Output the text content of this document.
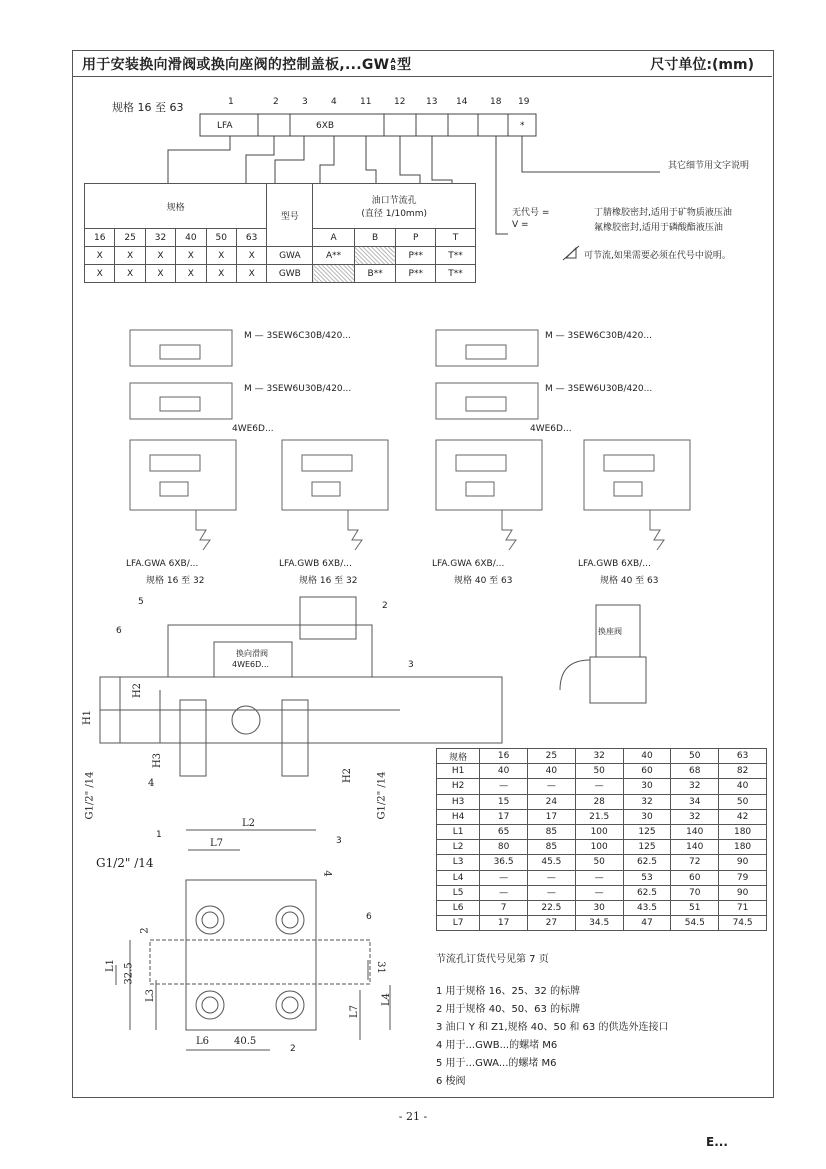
用于安装换向滑阀或换向座阀的控制盖板,...GWA
B型	尺寸单位:(mm)
规格 16 至 63	1	2	3	4	11	12 13 14	18 19
LFA	6XB	*
其它细节用文字说明
无代号 =	丁腈橡胶密封,适用于矿物质液压油
V =	氟橡胶密封,适用于磷酸酯液压油
可节流,如果需要必须在代号中说明。
规格						型号	油口节流孔
(直径 1/10mm)			
16	25	32	40	50	63		A	B	P	T
X	X	X	X	X	X	GWA	A**		P**	T**
X	X	X	X	X	X	GWB		B**	P**	T**
M — 3SEW6C30B/420...
M — 3SEW6U30B/420...
M — 3SEW6C30B/420...
M — 3SEW6U30B/420...
4WE6D...	4WE6D...
LFA.GWA 6XB/...
规格 16 至 32
LFA.GWB 6XB/...
规格 16 至 32
LFA.GWA 6XB/...
规格 40 至 63
LFA.GWB 6XB/...
规格 40 至 63
换向滑阀
4WE6D...
换座阀
H1
H2
H3
H2
4
G1/2" /14	G1/2" /14
G1/2" /14
L2
L7
L1 32.5
L3
L6 40.5
31
L4
L7
2
4
5
6
2
3
1
3
2
6
规格	16	25	32	40	50	63
H1	40	40	50	60	68	82
H2	—	—	—	30	32	40
H3	15	24	28	32	34	50
H4	17	17	21.5	30	32	42
L1	65	85	100	125	140	180
L2	80	85	100	125	140	180
L3	36.5	45.5	50	62.5	72	90
L4	—	—	—	53	60	79
L5	—	—	—	62.5	70	90
L6	7	22.5	30	43.5	51	71
L7	17	27	34.5	47	54.5	74.5
节流孔订货代号见第 7 页
1 用于规格 16、25、32 的标牌
2 用于规格 40、50、63 的标牌
3 油口 Y 和 Z1,规格 40、50 和 63 的供选外连接口
4 用于...GWB...的螺堵 M6
5 用于...GWA...的螺堵 M6
6 梭阀
- 21 -
E...
